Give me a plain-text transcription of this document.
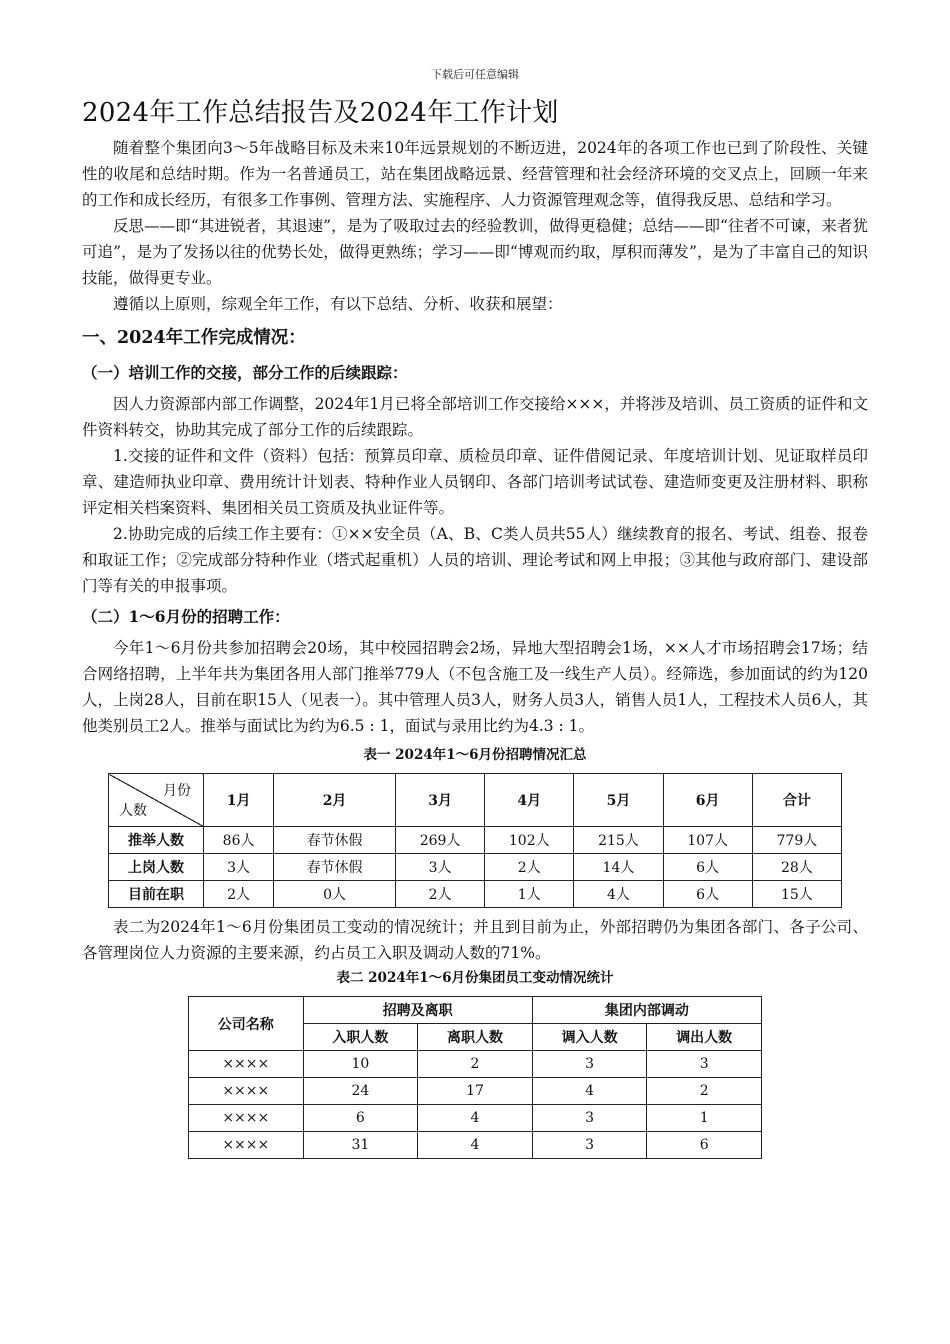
下载后可任意编辑
2024年工作总结报告及2024年工作计划

随着整个集团向3～5年战略目标及未来10年远景规划的不断迈进，2024年的各项工作也已到了阶段性、关键性的收尾和总结时期。作为一名普通员工，站在集团战略远景、经营管理和社会经济环境的交叉点上，回顾一年来的工作和成长经历，有很多工作事例、管理方法、实施程序、人力资源管理观念等，值得我反思、总结和学习。

反思——即“其进锐者，其退速”，是为了吸取过去的经验教训，做得更稳健；总结——即“往者不可谏，来者犹可追”，是为了发扬以往的优势长处，做得更熟练；学习——即“博观而约取，厚积而薄发”，是为了丰富自己的知识技能，做得更专业。

遵循以上原则，综观全年工作，有以下总结、分析、收获和展望：

一、2024年工作完成情况：
（一）培训工作的交接，部分工作的后续跟踪：

因人力资源部内部工作调整，2024年1月已将全部培训工作交接给×××，并将涉及培训、员工资质的证件和文件资料转交，协助其完成了部分工作的后续跟踪。

1.交接的证件和文件（资料）包括：预算员印章、质检员印章、证件借阅记录、年度培训计划、见证取样员印章、建造师执业印章、费用统计计划表、特种作业人员钢印、各部门培训考试试卷、建造师变更及注册材料、职称评定相关档案资料、集团相关员工资质及执业证件等。

2.协助完成的后续工作主要有：①××安全员（A、B、C类人员共55人）继续教育的报名、考试、组卷、报卷和取证工作；②完成部分特种作业（塔式起重机）人员的培训、理论考试和网上申报；③其他与政府部门、建设部门等有关的申报事项。

（二）1～6月份的招聘工作：

今年1～6月份共参加招聘会20场，其中校园招聘会2场，异地大型招聘会1场，××人才市场招聘会17场；结合网络招聘，上半年共为集团各用人部门推举779人（不包含施工及一线生产人员）。经筛选，参加面试的约为120人，上岗28人，目前在职15人（见表一）。其中管理人员3人，财务人员3人，销售人员1人，工程技术人员6人，其他类别员工2人。推举与面试比为约为6.5 : 1，面试与录用比约为4.3 : 1。

表一 2024年1～6月份招聘情况汇总
月份
人数	1月	2月	3月	4月	5月	6月	合计
推举人数	86人	春节休假	269人	102人	215人	107人	779人
上岗人数	3人	春节休假	3人	2人	14人	6人	28人
目前在职	2人	0人	2人	1人	4人	6人	15人

表二为2024年1～6月份集团员工变动的情况统计；并且到目前为止，外部招聘仍为集团各部门、各子公司、各管理岗位人力资源的主要来源，约占员工入职及调动人数的71%。

表二 2024年1～6月份集团员工变动情况统计
公司名称	招聘及离职		集团内部调动	
	入职人数	离职人数	调入人数	调出人数
××××	10	2	3	3
××××	24	17	4	2
××××	6	4	3	1
××××	31	4	3	6
